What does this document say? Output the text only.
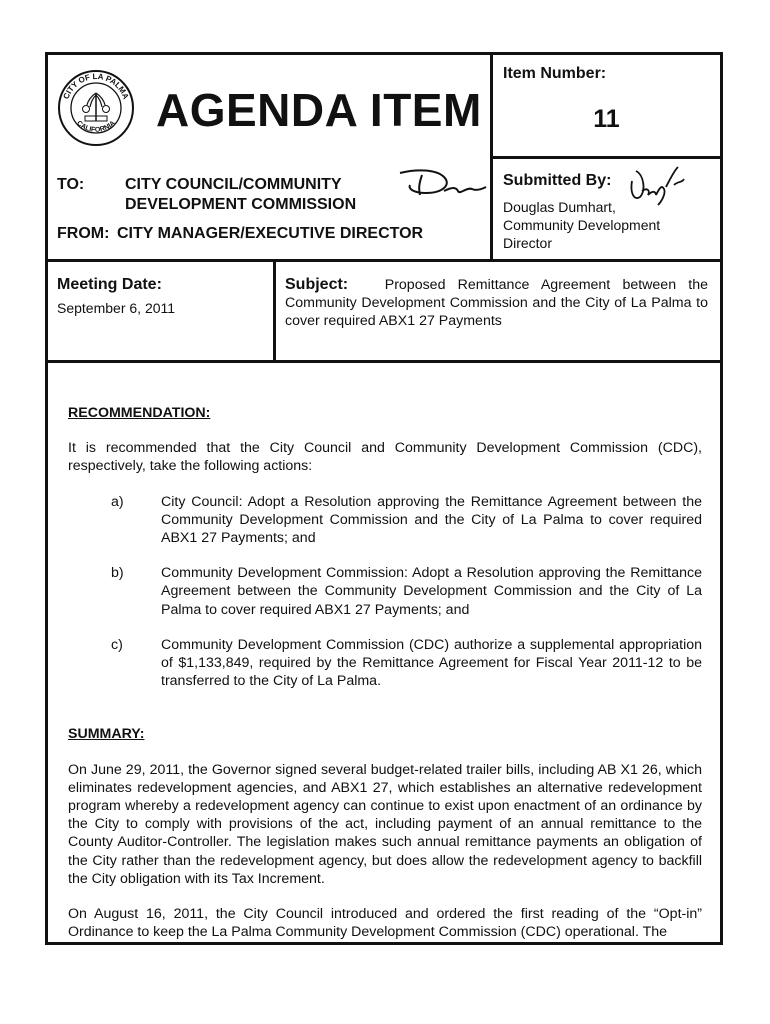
CITY OF LA PALMA
CALIFORNIA AGENDA ITEM
TO:	CITY COUNCIL/COMMUNITY
DEVELOPMENT COMMISSION
FROM: CITY MANAGER/EXECUTIVE DIRECTOR
Item Number:
11
Submitted By:
Douglas Dumhart,
Community Development
Director
Meeting Date:
September 6, 2011
Subject:	Proposed Remittance Agreement between the Community Development Commission and the City of La Palma to cover required ABX1 27 Payments
RECOMMENDATION:
It is recommended that the City Council and Community Development Commission (CDC), respectively, take the following actions:
a)	City Council: Adopt a Resolution approving the Remittance Agreement between the Community Development Commission and the City of La Palma to cover required ABX1 27 Payments; and
b)	Community Development Commission: Adopt a Resolution approving the Remittance Agreement between the Community Development Commission and the City of La Palma to cover required ABX1 27 Payments; and
c)	Community Development Commission (CDC) authorize a supplemental appropriation of $1,133,849, required by the Remittance Agreement for Fiscal Year 2011-12 to be transferred to the City of La Palma.
SUMMARY:
On June 29, 2011, the Governor signed several budget-related trailer bills, including AB X1 26, which eliminates redevelopment agencies, and ABX1 27, which establishes an alternative redevelopment program whereby a redevelopment agency can continue to exist upon enactment of an ordinance by the City to comply with provisions of the act, including payment of an annual remittance to the County Auditor-Controller. The legislation makes such annual remittance payments an obligation of the City rather than the redevelopment agency, but does allow the redevelopment agency to backfill the City obligation with its Tax Increment.
On August 16, 2011, the City Council introduced and ordered the first reading of the “Opt-in” Ordinance to keep the La Palma Community Development Commission (CDC) operational. The
